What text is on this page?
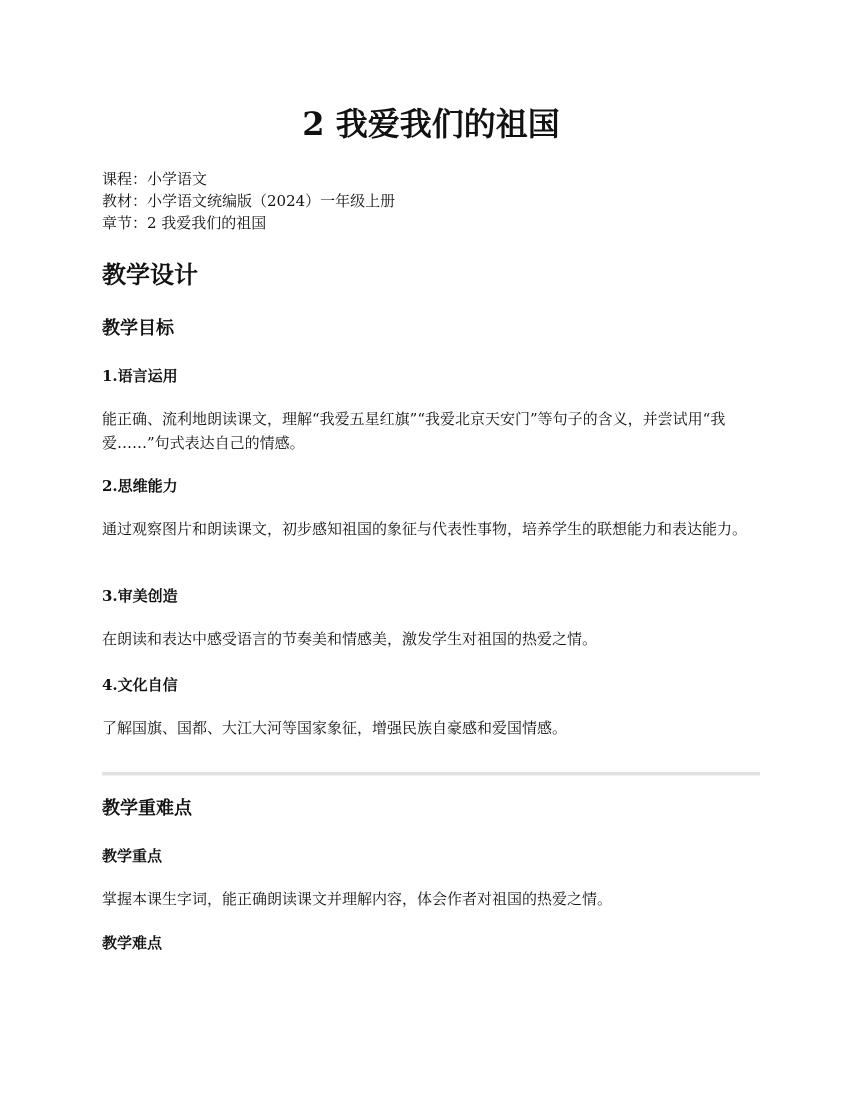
2 我爱我们的祖国
课程：小学语文
教材：小学语文统编版（2024）一年级上册
章节：2 我爱我们的祖国
教学设计
教学目标
1.语言运用

能正确、流利地朗读课文，理解“我爱五星红旗”“我爱北京天安门”等句子的含义，并尝试用“我爱……”句式表达自己的情感。

2.思维能力

通过观察图片和朗读课文，初步感知祖国的象征与代表性事物，培养学生的联想能力和表达能力。

3.审美创造

在朗读和表达中感受语言的节奏美和情感美，激发学生对祖国的热爱之情。

4.文化自信

了解国旗、国都、大江大河等国家象征，增强民族自豪感和爱国情感。

教学重难点
教学重点

掌握本课生字词，能正确朗读课文并理解内容，体会作者对祖国的热爱之情。

教学难点
